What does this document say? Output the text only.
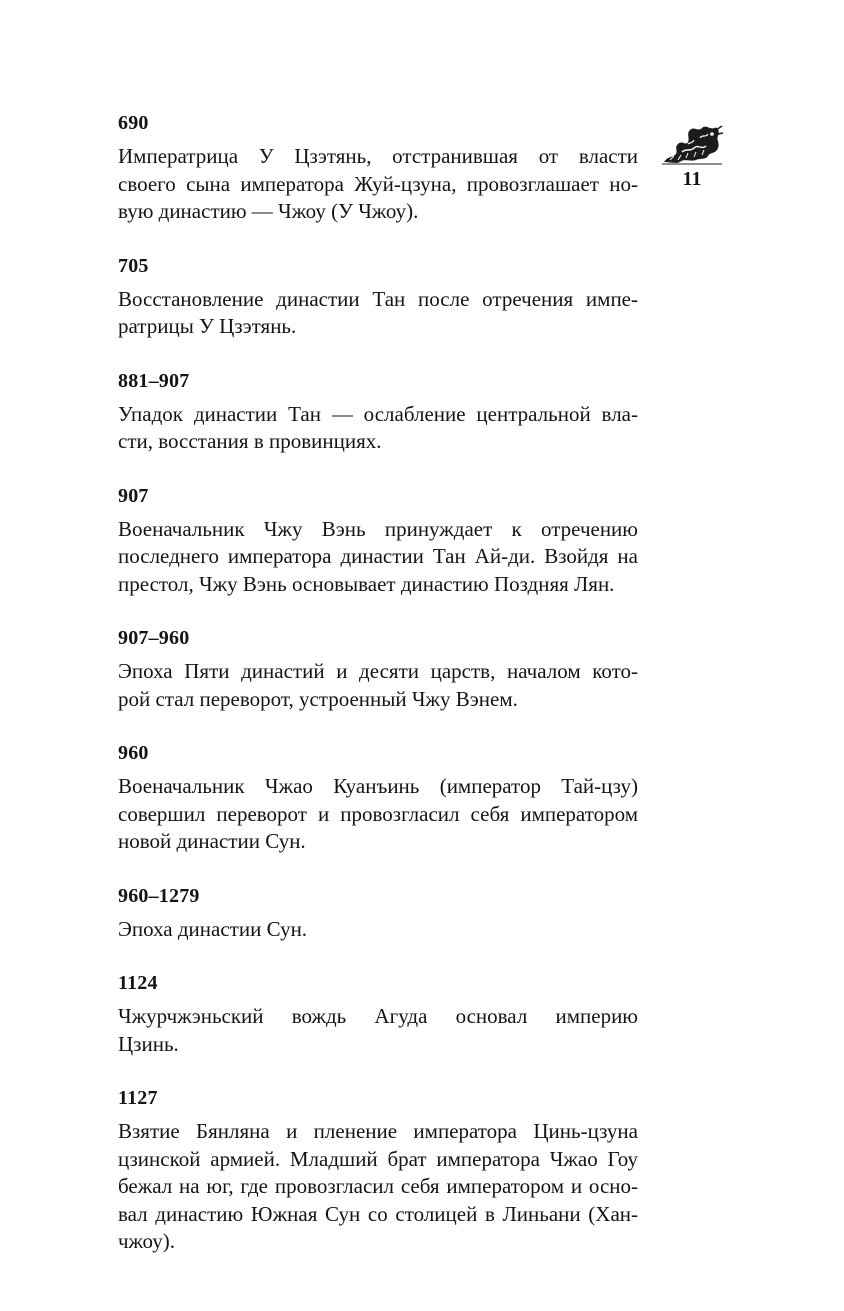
690
Императрица У Цзэтянь, отстранившая от власти
своего сына императора Жуй-цзуна, провозглашает но-
вую династию — Чжоу (У Чжоу).
705
Восстановление династии Тан после отречения импе-
ратрицы У Цзэтянь.
881–907
Упадок династии Тан — ослабление центральной вла-
сти, восстания в провинциях.
907
Военачальник Чжу Вэнь принуждает к отречению
последнего императора династии Тан Ай-ди. Взойдя на
престол, Чжу Вэнь основывает династию Поздняя Лян.
907–960
Эпоха Пяти династий и десяти царств, началом кото-
рой стал переворот, устроенный Чжу Вэнем.
960
Военачальник Чжао Куанъинь (император Тай-цзу)
совершил переворот и провозгласил себя императором
новой династии Сун.
960–1279
Эпоха династии Сун.
1124
Чжурчжэньский вождь Агуда основал империю
Цзинь.
1127
Взятие Бянляна и пленение императора Цинь-цзуна
цзинской армией. Младший брат императора Чжао Гоу
бежал на юг, где провозгласил себя императором и осно-
вал династию Южная Сун со столицей в Линьани (Хан-
чжоу).
11
